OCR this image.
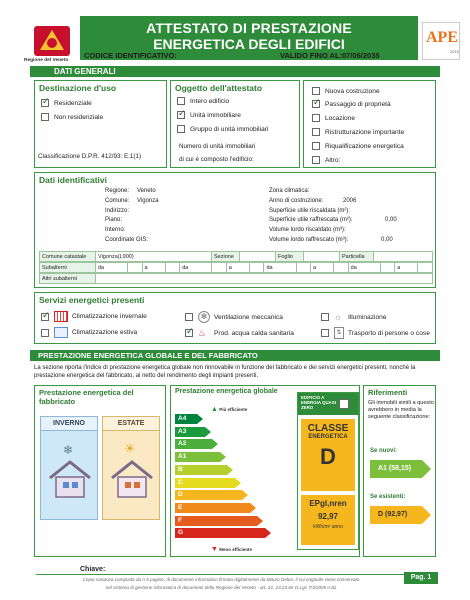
Regione del Veneto
ATTESTATO DI PRESTAZIONE
ENERGETICA DEGLI EDIFICI
CODICE IDENTIFICATIVO:	VALIDO FINO AL: 07/06/2035
APE
2015
DATI GENERALI
Destinazione d'uso
✓
Residenziale
Non residenziale
Classificazione D.P.R. 412/93: E.1(1)
Oggetto dell'attestato
Intero edificio
✓
Unità immobiliare
Gruppo di unità immobiliari
Numero di unità immobiliari
di cui è composto l'edificio:
Nuova costruzione
✓
Passaggio di proprietà
Locazione
Ristrutturazione importante
Riqualificazione energetica
Altro:
Dati identificativi
Regione: Veneto
Comune: Vigonza
Indirizzo:
Piano:
Interno:
Coordinate GIS:
Zona climatica:
Anno di costruzione:	2006
Superficie utile riscaldata (m²):
Superficie utile raffrescata (m²):	0,00
Volume lordo riscaldato (m³):
Volume lordo raffrescato (m³):	0,00
Comune catastale	Vigonza(L900)	Sezione		Foglio		Particella	
Subalterni	da		a		da		a		da		a		da		a	
Altri subalterni	
Servizi energetici presenti
✓
Climatizzazione invernale	✻	Ventilazione meccanica	☼ Illuminazione
Climatizzazione estiva
✓	♨	Prod. acqua calda sanitaria	⇅ Trasporto di persone o cose
PRESTAZIONE ENERGETICA GLOBALE E DEL FABBRICATO
La sezione riporta l'indice di prestazione energetica globale non rinnovabile in funzione del fabbricato e dei servizi energetici presenti, nonché la prestazione energetica del fabbricato, al netto del rendimento degli impianti presenti.
Prestazione energetica del fabbricato
INVERNO
❄
ESTATE
☀
Prestazione energetica globale
▲ Più efficiente
A4
A3
A2
A1
B
C
D
E
F
G
▼ Meno efficiente
EDIFICIO A ENERGIA QUASI ZERO
CLASSE
ENERGETICA
D
EPgl,nren
92,97
kWh/m² anno
Riferimenti
Gli immobili simili a questo avrebbero in media la seguente classificazione:
Se nuovi:
A1 (58,15)
Se esistenti:
D (92,97)
Chiave:
Copia cartacea composta da n 5 pagine, di documento informatico firmato digitalmente da Mauro Delon, il cui originale viene conservato
nel sistema di gestione informatica di documenti della Regione del Veneto - art. 22, 23.23 ter D.Lgs 7/3/2005 n.82
Pag. 1
